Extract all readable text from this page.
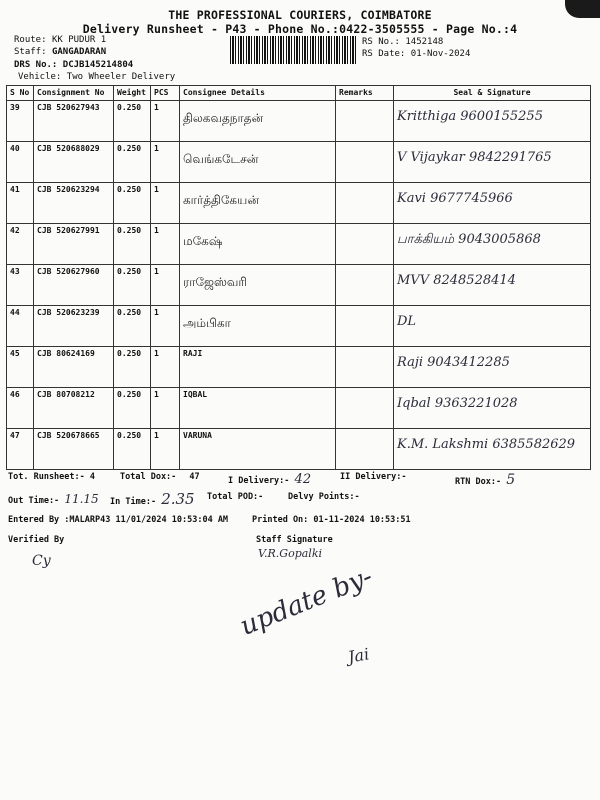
THE PROFESSIONAL COURIERS, COIMBATORE
Delivery Runsheet - P43 - Phone No.:0422-3505555 - Page No.:4
Route: KK PUDUR 1
Staff: GANGADARAN
DRS No.: DCJB145214804
Vehicle: Two Wheeler Delivery
RS No.: 1452148
RS Date: 01-Nov-2024
S No	Consignment No	Weight	PCS	Consignee Details	Remarks	Seal & Signature
39	CJB 520627943	0.250	1	திலகவதநாதன்		Kritthiga 9600155255
40	CJB 520688029	0.250	1	வெங்கடேசன்		V Vijaykar 9842291765
41	CJB 520623294	0.250	1	கார்த்திகேயன்		Kavi 9677745966
42	CJB 520627991	0.250	1	மகேஷ்		பாக்கியம் 9043005868
43	CJB 520627960	0.250	1	ராஜேஸ்வரி		MVV 8248528414
44	CJB 520623239	0.250	1	அம்பிகா		DL
45	CJB 80624169	0.250	1	RAJI		Raji 9043412285
46	CJB 80708212	0.250	1	IQBAL		Iqbal 9363221028
47	CJB 520678665	0.250	1	VARUNA		K.M. Lakshmi 6385582629
Tot. Runsheet:- 4	Total Dox:- 47	I Delivery:- 42	II Delivery:-	RTN Dox:- 5
Out Time:- 11.15 In Time:- 2.35 Total POD:-	Delvy Points:-
Entered By :MALARP43 11/01/2024 10:53:04 AM	Printed On: 01-11-2024 10:53:51
Verified By	Staff Signature
V.R.Gopalki
Cy
update by-
Jai
